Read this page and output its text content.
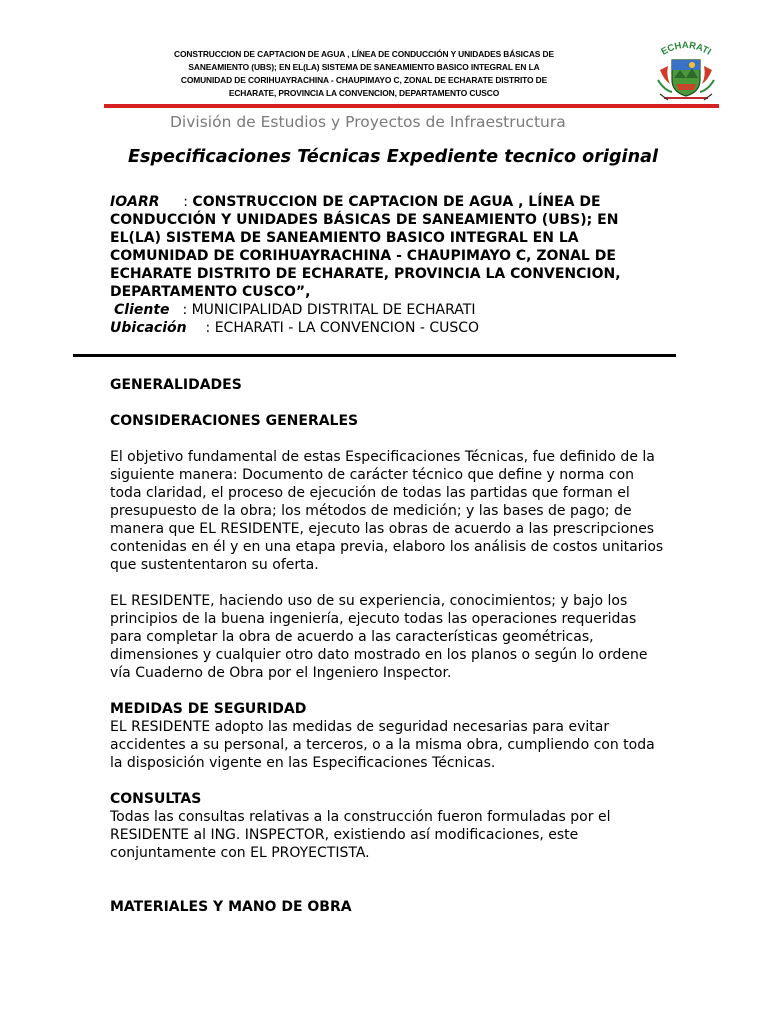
CONSTRUCCION DE CAPTACION DE AGUA , LÍNEA DE CONDUCCIÓN Y UNIDADES BÁSICAS DE
SANEAMIENTO (UBS); EN EL(LA) SISTEMA DE SANEAMIENTO BASICO INTEGRAL EN LA
COMUNIDAD DE CORIHUAYRACHINA - CHAUPIMAYO C, ZONAL DE ECHARATE DISTRITO DE
ECHARATE, PROVINCIA LA CONVENCION, DEPARTAMENTO CUSCO
ECHARATI
División de Estudios y Proyectos de Infraestructura
Especificaciones Técnicas Expediente tecnico original
IOARR : CONSTRUCCION DE CAPTACION DE AGUA , LÍNEA DE
CONDUCCIÓN Y UNIDADES BÁSICAS DE SANEAMIENTO (UBS); EN
EL(LA) SISTEMA DE SANEAMIENTO BASICO INTEGRAL EN LA
COMUNIDAD DE CORIHUAYRACHINA - CHAUPIMAYO C, ZONAL DE
ECHARATE DISTRITO DE ECHARATE, PROVINCIA LA CONVENCION,
DEPARTAMENTO CUSCO”,
Cliente : MUNICIPALIDAD DISTRITAL DE ECHARATI
Ubicación : ECHARATI - LA CONVENCION - CUSCO

GENERALIDADES

CONSIDERACIONES GENERALES

El objetivo fundamental de estas Especificaciones Técnicas, fue definido de la
siguiente manera: Documento de carácter técnico que define y norma con
toda claridad, el proceso de ejecución de todas las partidas que forman el
presupuesto de la obra; los métodos de medición; y las bases de pago; de
manera que EL RESIDENTE, ejecuto las obras de acuerdo a las prescripciones
contenidas en él y en una etapa previa, elaboro los análisis de costos unitarios
que sustententaron su oferta.
EL RESIDENTE, haciendo uso de su experiencia, conocimientos; y bajo los
principios de la buena ingeniería, ejecuto todas las operaciones requeridas
para completar la obra de acuerdo a las características geométricas,
dimensiones y cualquier otro dato mostrado en los planos o según lo ordene
vía Cuaderno de Obra por el Ingeniero Inspector.

MEDIDAS DE SEGURIDAD

EL RESIDENTE adopto las medidas de seguridad necesarias para evitar
accidentes a su personal, a terceros, o a la misma obra, cumpliendo con toda
la disposición vigente en las Especificaciones Técnicas.

CONSULTAS

Todas las consultas relativas a la construcción fueron formuladas por el
RESIDENTE al ING. INSPECTOR, existiendo así modificaciones, este
conjuntamente con EL PROYECTISTA.

MATERIALES Y MANO DE OBRA
